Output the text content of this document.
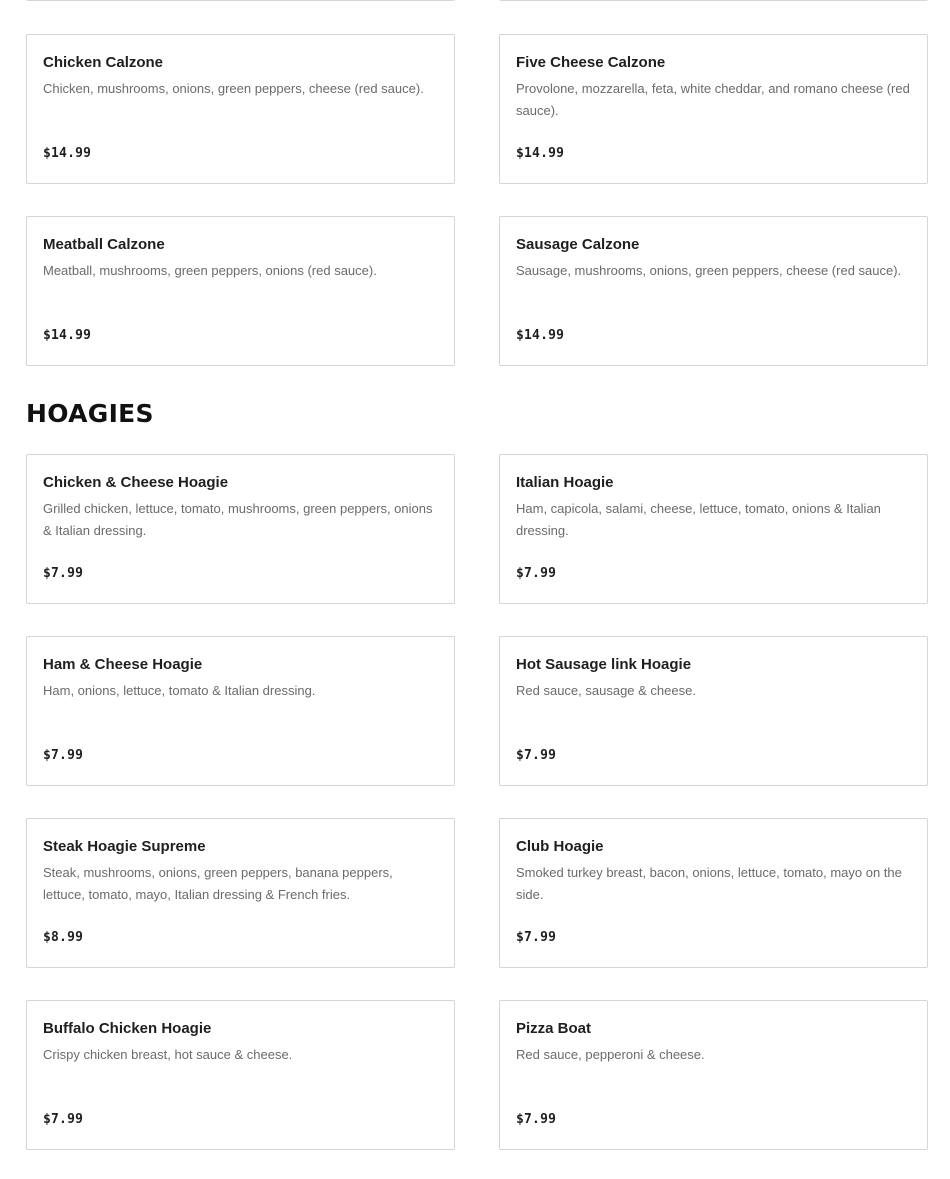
Chicken Calzone
Chicken, mushrooms, onions, green peppers, cheese (red sauce).
$14.99
Five Cheese Calzone
Provolone, mozzarella, feta, white cheddar, and romano cheese (red sauce).
$14.99
Meatball Calzone
Meatball, mushrooms, green peppers, onions (red sauce).
$14.99
Sausage Calzone
Sausage, mushrooms, onions, green peppers, cheese (red sauce).
$14.99
HOAGIES
Chicken & Cheese Hoagie
Grilled chicken, lettuce, tomato, mushrooms, green peppers, onions & Italian dressing.
$7.99
Italian Hoagie
Ham, capicola, salami, cheese, lettuce, tomato, onions & Italian dressing.
$7.99
Ham & Cheese Hoagie
Ham, onions, lettuce, tomato & Italian dressing.
$7.99
Hot Sausage link Hoagie
Red sauce, sausage & cheese.
$7.99
Steak Hoagie Supreme
Steak, mushrooms, onions, green peppers, banana peppers, lettuce, tomato, mayo, Italian dressing & French fries.
$8.99
Club Hoagie
Smoked turkey breast, bacon, onions, lettuce, tomato, mayo on the side.
$7.99
Buffalo Chicken Hoagie
Crispy chicken breast, hot sauce & cheese.
$7.99
Pizza Boat
Red sauce, pepperoni & cheese.
$7.99
